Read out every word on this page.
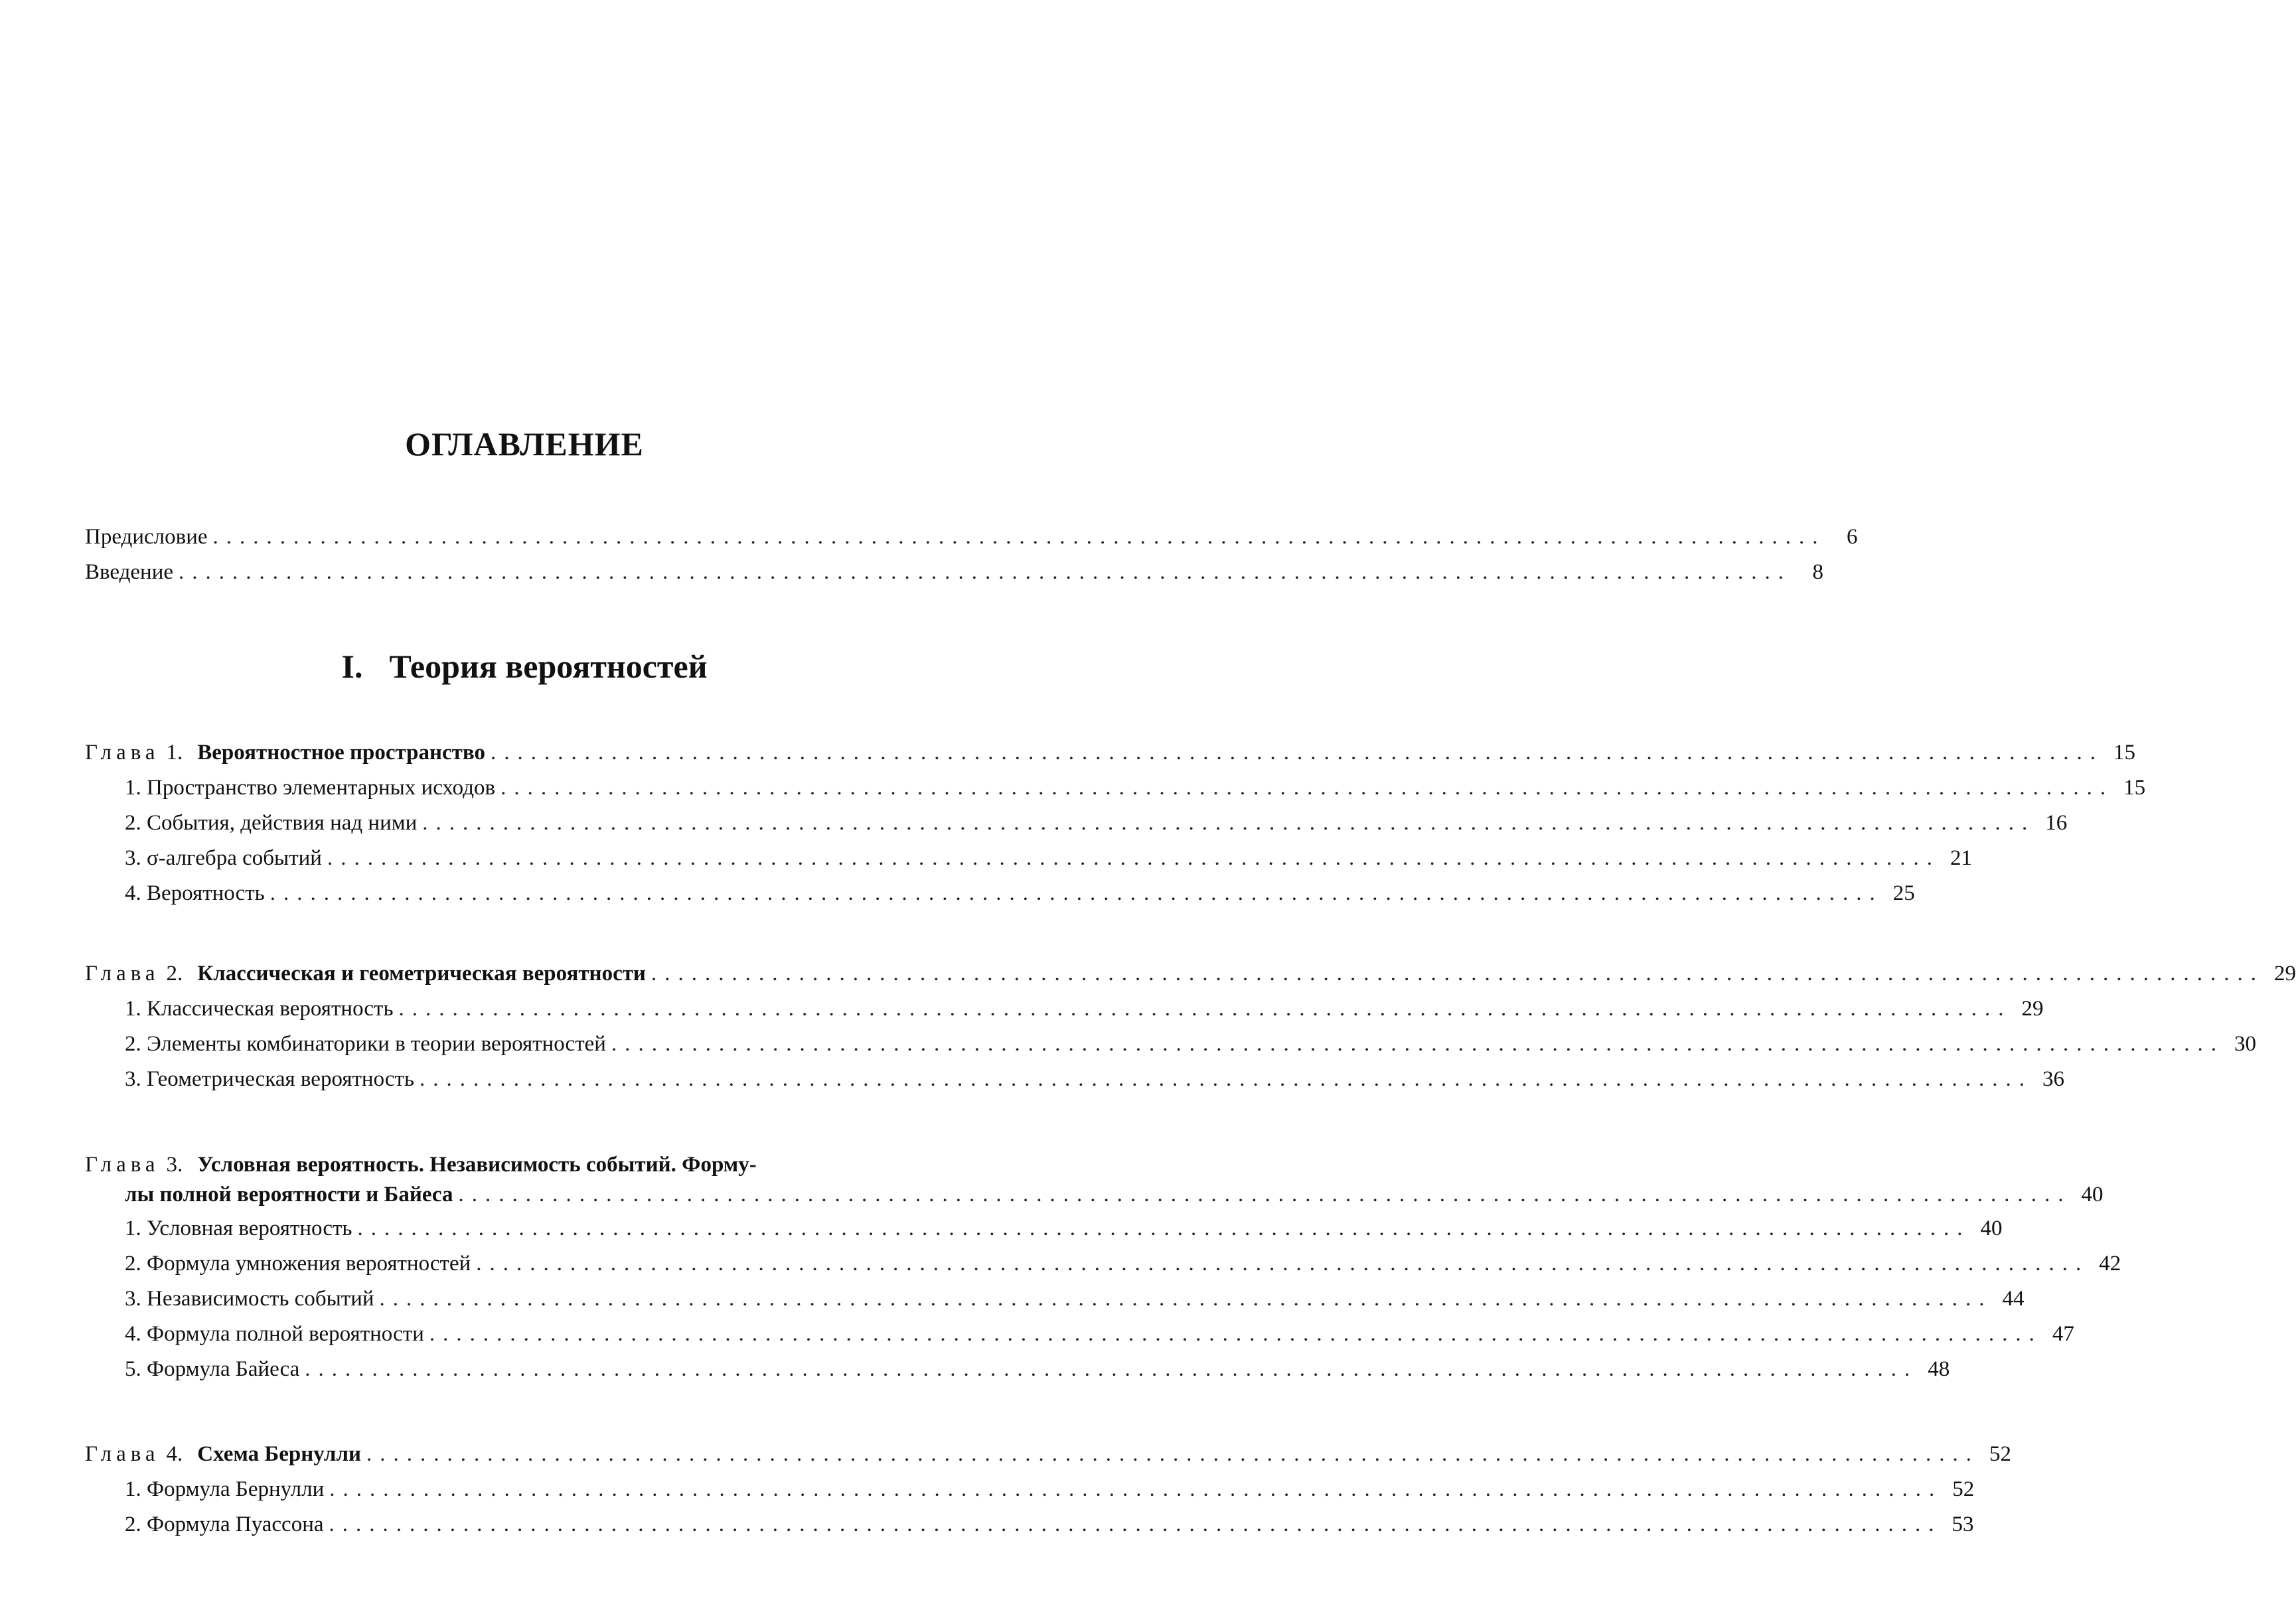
ОГЛАВЛЕНИЕ
Предисловие ........................................................................................................................ 6
Введение ........................................................................................................................ 8
I. Теория вероятностей
Глава 1. Вероятностное пространство ........................................................................................................................ 15
1. Пространство элементарных исходов ........................................................................................................................ 15
2. События, действия над ними ........................................................................................................................ 16
3. σ-алгебра событий ........................................................................................................................ 21
4. Вероятность ........................................................................................................................ 25
Глава 2. Классическая и геометрическая вероятности ........................................................................................................................ 29
1. Классическая вероятность ........................................................................................................................ 29
2. Элементы комбинаторики в теории вероятностей ........................................................................................................................ 30
3. Геометрическая вероятность ........................................................................................................................ 36
Глава 3. Условная вероятность. Независимость событий. Форму-
лы полной вероятности и Байеса ........................................................................................................................ 40
1. Условная вероятность ........................................................................................................................ 40
2. Формула умножения вероятностей ........................................................................................................................ 42
3. Независимость событий ........................................................................................................................ 44
4. Формула полной вероятности ........................................................................................................................ 47
5. Формула Байеса ........................................................................................................................ 48
Глава 4. Схема Бернулли ........................................................................................................................ 52
1. Формула Бернулли ........................................................................................................................ 52
2. Формула Пуассона ........................................................................................................................ 53
